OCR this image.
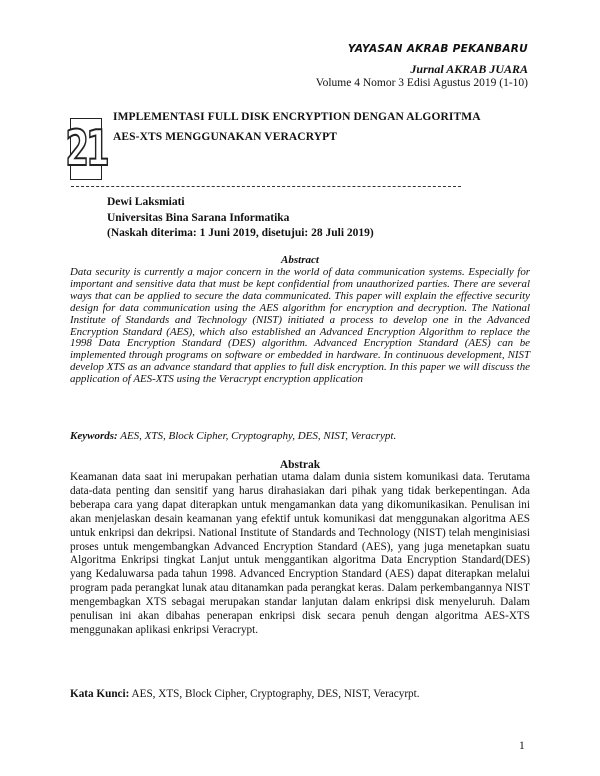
YAYASAN AKRAB PEKANBARU
Jurnal AKRAB JUARA
Volume 4 Nomor 3 Edisi Agustus 2019 (1-10)
21
IMPLEMENTASI FULL DISK ENCRYPTION DENGAN ALGORITMA
AES-XTS MENGGUNAKAN VERACRYPT
Dewi Laksmiati
Universitas Bina Sarana Informatika
(Naskah diterima: 1 Juni 2019, disetujui: 28 Juli 2019)
Abstract
Data security is currently a major concern in the world of data communication systems. Especially for important and sensitive data that must be kept confidential from unauthorized parties. There are several ways that can be applied to secure the data communicated. This paper will explain the effective security design for data communication using the AES algorithm for encryption and decryption. The National Institute of Standards and Technology (NIST) initiated a process to develop one in the Advanced Encryption Standard (AES), which also established an Advanced Encryption Algorithm to replace the 1998 Data Encryption Standard (DES) algorithm. Advanced Encryption Standard (AES) can be implemented through programs on software or embedded in hardware. In continuous development, NIST develop XTS as an advance standard that applies to full disk encryption. In this paper we will discuss the application of AES-XTS using the Veracrypt encryption application
Keywords: AES, XTS, Block Cipher, Cryptography, DES, NIST, Veracrypt.
Abstrak
Keamanan data saat ini merupakan perhatian utama dalam dunia sistem komunikasi data. Terutama data-data penting dan sensitif yang harus dirahasiakan dari pihak yang tidak berkepentingan. Ada beberapa cara yang dapat diterapkan untuk mengamankan data yang dikomunikasikan. Penulisan ini akan menjelaskan desain keamanan yang efektif untuk komunikasi dat menggunakan algoritma AES untuk enkripsi dan dekripsi. National Institute of Standards and Technology (NIST) telah menginisiasi proses untuk mengembangkan Advanced Encryption Standard (AES), yang juga menetapkan suatu Algoritma Enkripsi tingkat Lanjut untuk menggantikan algoritma Data Encryption Standard(DES) yang Kedaluwarsa pada tahun 1998. Advanced Encryption Standard (AES) dapat diterapkan melalui program pada perangkat lunak atau ditanamkan pada perangkat keras. Dalam perkembangannya NIST mengembagkan XTS sebagai merupakan standar lanjutan dalam enkripsi disk menyeluruh. Dalam penulisan ini akan dibahas penerapan enkripsi disk secara penuh dengan algoritma AES-XTS menggunakan aplikasi enkripsi Veracrypt.
Kata Kunci: AES, XTS, Block Cipher, Cryptography, DES, NIST, Veracyrpt.
1
